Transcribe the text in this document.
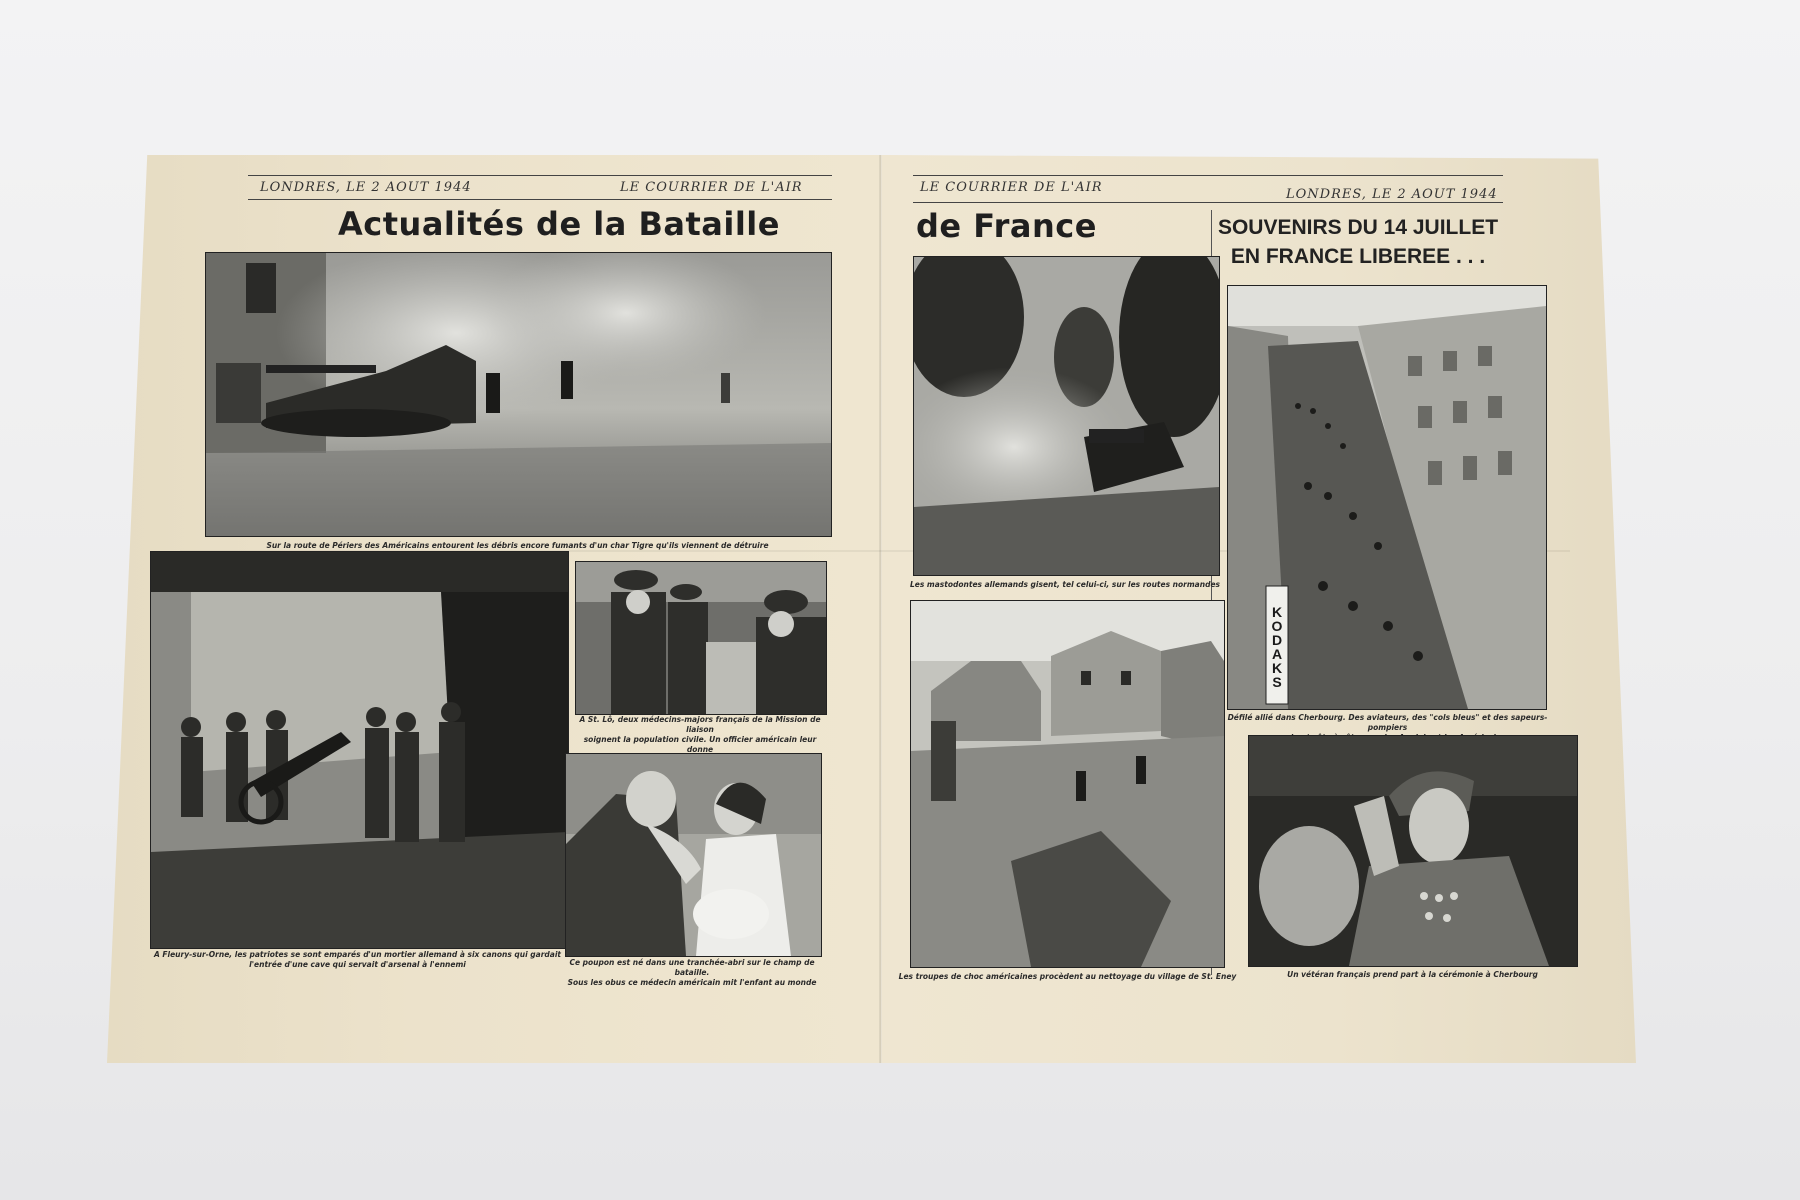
LONDRES, LE 2 AOUT 1944	LE COURRIER DE L'AIR
Actualités de la Bataille
LE COURRIER DE L'AIR	LONDRES, LE 2 AOUT 1944
de France	SOUVENIRS DU 14 JUILLET
EN FRANCE LIBEREE . . .
Sur la route de Périers des Américains entourent les débris encore fumants d'un char Tigre qu'ils viennent de détruire
A Fleury-sur-Orne, les patriotes se sont emparés d'un mortier allemand à six canons qui gardait
l'entrée d'une cave qui servait d'arsenal à l'ennemi
A St. Lô, deux médecins-majors français de la Mission de liaison
soignent la population civile. Un officier américain leur donne
Ce poupon est né dans une tranchée-abri sur le champ de bataille.
Sous les obus ce médecin américain mit l'enfant au monde
Les mastodontes allemands gisent, tel celui-ci, sur les routes normandes
Les troupes de choc américaines procèdent au nettoyage du village de St. Eney
KODAKS
Défilé allié dans Cherbourg. Des aviateurs, des "cols bleus" et des sapeurs-pompiers
Un vétéran français prend part à la cérémonie à Cherbourg
